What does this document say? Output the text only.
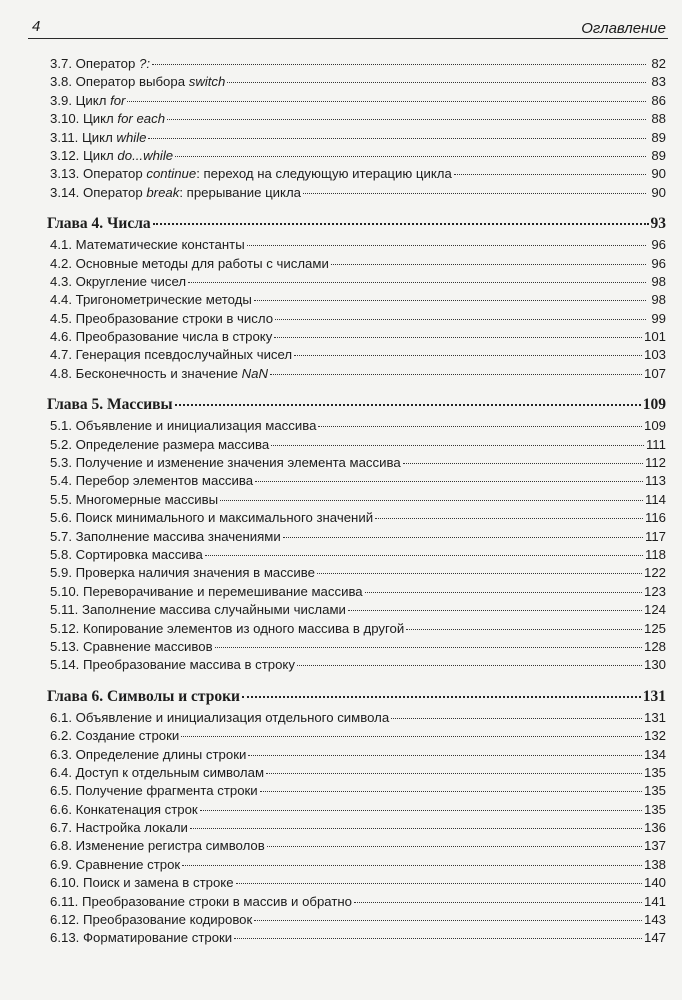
4	Оглавление
3.7. Оператор ?:	82
3.8. Оператор выбора switch	83
3.9. Цикл for	86
3.10. Цикл for each	88
3.11. Цикл while	89
3.12. Цикл do...while	89
3.13. Оператор continue: переход на следующую итерацию цикла	90
3.14. Оператор break: прерывание цикла	90
Глава 4. Числа	93
4.1. Математические константы	96
4.2. Основные методы для работы с числами	96
4.3. Округление чисел	98
4.4. Тригонометрические методы	98
4.5. Преобразование строки в число	99
4.6. Преобразование числа в строку	101
4.7. Генерация псевдослучайных чисел	103
4.8. Бесконечность и значение NaN	107
Глава 5. Массивы	109
5.1. Объявление и инициализация массива	109
5.2. Определение размера массива	111
5.3. Получение и изменение значения элемента массива	112
5.4. Перебор элементов массива	113
5.5. Многомерные массивы	114
5.6. Поиск минимального и максимального значений	116
5.7. Заполнение массива значениями	117
5.8. Сортировка массива	118
5.9. Проверка наличия значения в массиве	122
5.10. Переворачивание и перемешивание массива	123
5.11. Заполнение массива случайными числами	124
5.12. Копирование элементов из одного массива в другой	125
5.13. Сравнение массивов	128
5.14. Преобразование массива в строку	130
Глава 6. Символы и строки	131
6.1. Объявление и инициализация отдельного символа	131
6.2. Создание строки	132
6.3. Определение длины строки	134
6.4. Доступ к отдельным символам	135
6.5. Получение фрагмента строки	135
6.6. Конкатенация строк	135
6.7. Настройка локали	136
6.8. Изменение регистра символов	137
6.9. Сравнение строк	138
6.10. Поиск и замена в строке	140
6.11. Преобразование строки в массив и обратно	141
6.12. Преобразование кодировок	143
6.13. Форматирование строки	147
